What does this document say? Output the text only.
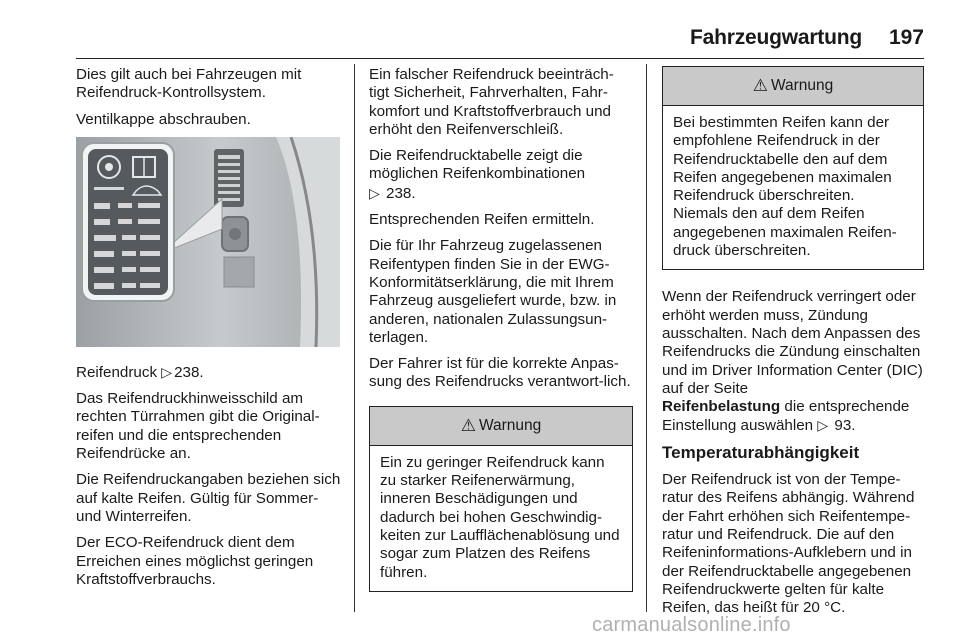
Fahrzeugwartung 197

Dies gilt auch bei Fahrzeugen mit Reifendruck-Kontrollsystem.

Ventilkappe abschrauben.

Reifendruck ▷ 238.

Das Reifendruckhinweisschild am rechten Türrahmen gibt die Original-reifen und die entsprechenden Reifendrücke an.

Die Reifendruckangaben beziehen sich auf kalte Reifen. Gültig für Sommer- und Winterreifen.

Der ECO-Reifendruck dient dem Erreichen eines möglichst geringen Kraftstoffverbrauchs.

Ein falscher Reifendruck beeinträch-tigt Sicherheit, Fahrverhalten, Fahr-komfort und Kraftstoffverbrauch und erhöht den Reifenverschleiß.

Die Reifendrucktabelle zeigt die möglichen Reifenkombinationen
▷ 238.

Entsprechenden Reifen ermitteln.

Die für Ihr Fahrzeug zugelassenen Reifentypen finden Sie in der EWG-Konformitätserklärung, die mit Ihrem Fahrzeug ausgeliefert wurde, bzw. in anderen, nationalen Zulassungsun-terlagen.

Der Fahrer ist für die korrekte Anpas-sung des Reifendrucks verantwort-lich.

⚠ Warnung

Ein zu geringer Reifendruck kann zu starker Reifenerwärmung, inneren Beschädigungen und dadurch bei hohen Geschwindig-keiten zur Laufflächenablösung und sogar zum Platzen des Reifens führen.

⚠ Warnung

Bei bestimmten Reifen kann der empfohlene Reifendruck in der Reifendrucktabelle den auf dem Reifen angegebenen maximalen Reifendruck überschreiten. Niemals den auf dem Reifen angegebenen maximalen Reifen-druck überschreiten.

Wenn der Reifendruck verringert oder erhöht werden muss, Zündung ausschalten. Nach dem Anpassen des Reifendrucks die Zündung einschalten und im Driver Information Center (DIC) auf der Seite
Reifenbelastung die entsprechende Einstellung auswählen ▷ 93.

Temperaturabhängigkeit

Der Reifendruck ist von der Tempe-ratur des Reifens abhängig. Während der Fahrt erhöhen sich Reifentempe-ratur und Reifendruck. Die auf den Reifeninformations-Aufklebern und in der Reifendrucktabelle angegebenen Reifendruckwerte gelten für kalte Reifen, das heißt für 20 °C.

carmanualsonline.info
